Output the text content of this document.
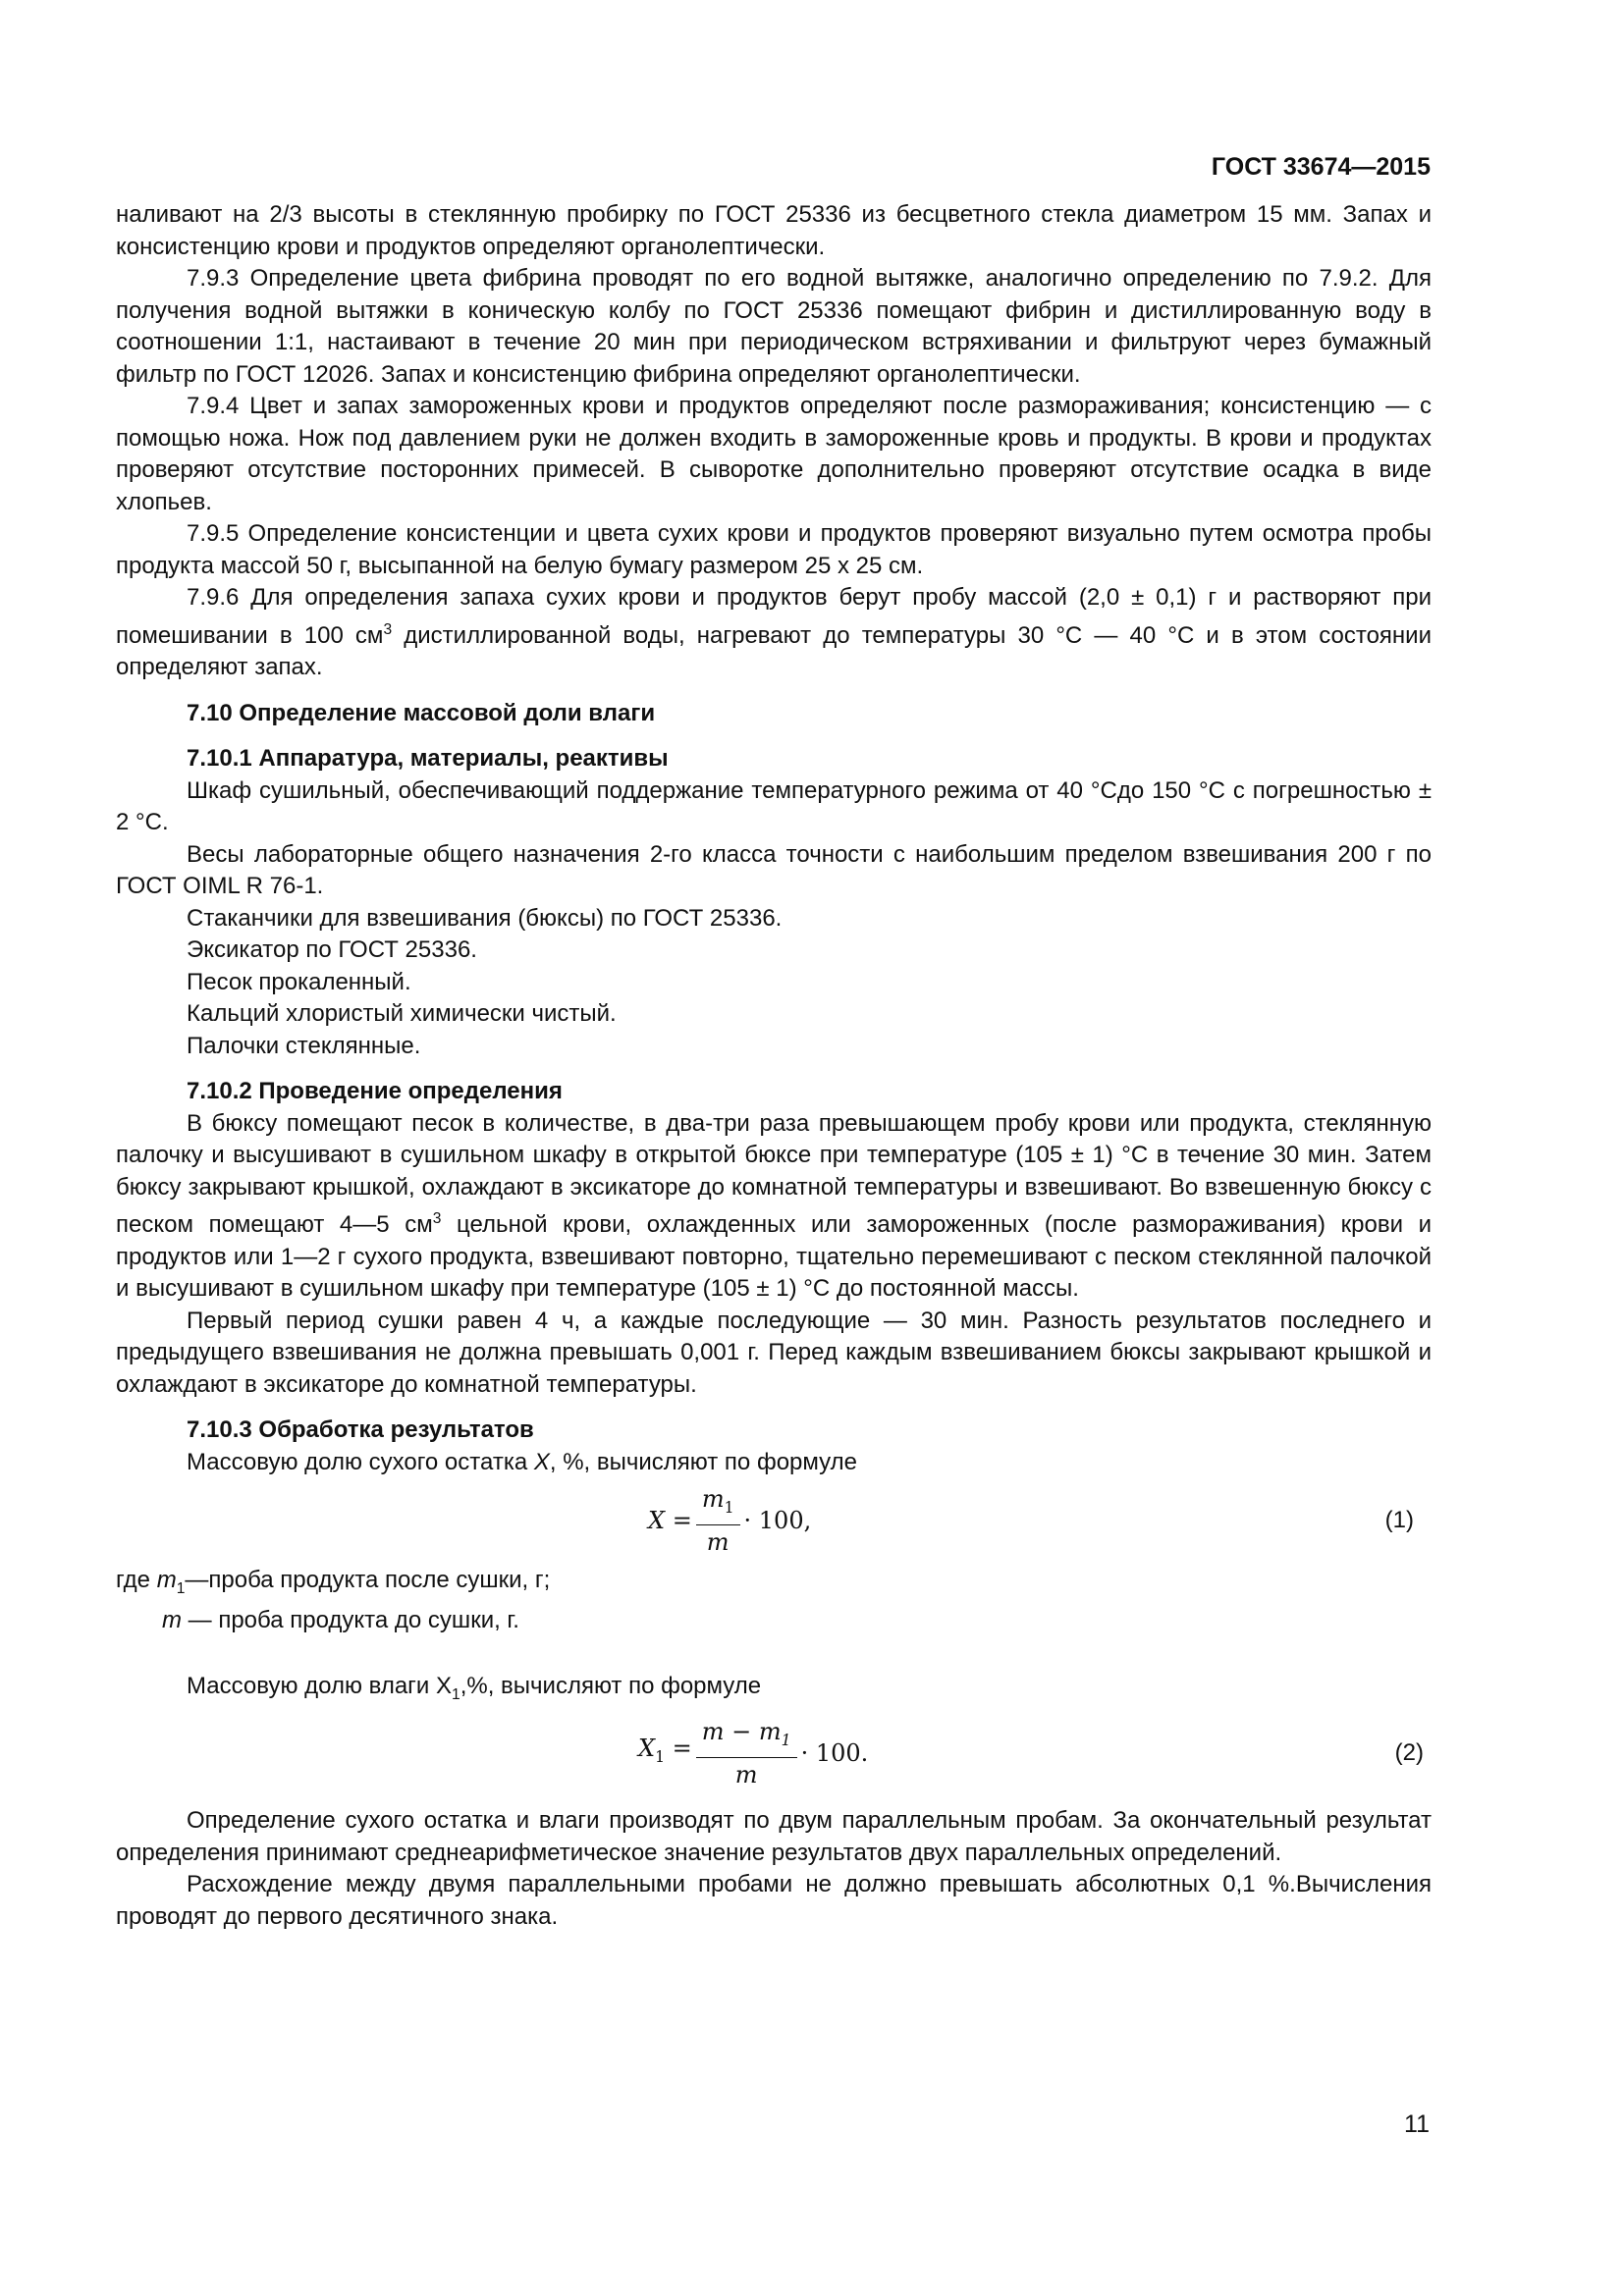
ГОСТ 33674—2015

наливают на 2/3 высоты в стеклянную пробирку по ГОСТ 25336 из бесцветного стекла диаметром 15 мм. Запах и консистенцию крови и продуктов определяют органолептически.

7.9.3 Определение цвета фибрина проводят по его водной вытяжке, аналогично определению по 7.9.2. Для получения водной вытяжки в коническую колбу по ГОСТ 25336 помещают фибрин и дистиллированную воду в соотношении 1:1, настаивают в течение 20 мин при периодическом встряхивании и фильтруют через бумажный фильтр по ГОСТ 12026. Запах и консистенцию фибрина определяют органолептически.

7.9.4 Цвет и запах замороженных крови и продуктов определяют после размораживания; консистенцию — с помощью ножа. Нож под давлением руки не должен входить в замороженные кровь и продукты. В крови и продуктах проверяют отсутствие посторонних примесей. В сыворотке дополнительно проверяют отсутствие осадка в виде хлопьев.

7.9.5 Определение консистенции и цвета сухих крови и продуктов проверяют визуально путем осмотра пробы продукта массой 50 г, высыпанной на белую бумагу размером 25 x 25 см.

7.9.6 Для определения запаха сухих крови и продуктов берут пробу массой (2,0 ± 0,1) г и растворяют при помешивании в 100 $см^3$ дистиллированной воды, нагревают до температуры 30 °С — 40 °С и в этом состоянии определяют запах.

7.10 Определение массовой доли влаги

7.10.1 Аппаратура, материалы, реактивы

Шкаф сушильный, обеспечивающий поддержание температурного режима от 40 °Сдо 150 °С с погрешностью ± 2 °С.

Весы лабораторные общего назначения 2-го класса точности с наибольшим пределом взвешивания 200 г по ГОСТ OIML R 76-1.

Стаканчики для взвешивания (бюксы) по ГОСТ 25336.

Эксикатор по ГОСТ 25336.

Песок прокаленный.

Кальций хлористый химически чистый.

Палочки стеклянные.

7.10.2 Проведение определения

В бюксу помещают песок в количестве, в два-три раза превышающем пробу крови или продукта, стеклянную палочку и высушивают в сушильном шкафу в открытой бюксе при температуре (105 ± 1) °С в течение 30 мин. Затем бюксу закрывают крышкой, охлаждают в эксикаторе до комнатной температуры и взвешивают. Во взвешенную бюксу с песком помещают 4—5 $см^3$ цельной крови, охлажденных или замороженных (после размораживания) крови и продуктов или 1—2 г сухого продукта, взвешивают повторно, тщательно перемешивают с песком стеклянной палочкой и высушивают в сушильном шкафу при температуре (105 ± 1) °С до постоянной массы.

Первый период сушки равен 4 ч, а каждые последующие — 30 мин. Разность результатов последнего и предыдущего взвешивания не должна превышать 0,001 г. Перед каждым взвешиванием бюксы закрывают крышкой и охлаждают в эксикаторе до комнатной температуры.

7.10.3 Обработка результатов

Массовую долю сухого остатка X, %, вычисляют по формуле

$X = \frac{m_1}{m} \cdot 100$,	(1)

где $m_1—проба$ продукта после сушки, г;

m — проба продукта до сушки, г.

Массовую долю влаги $X_1,\%$, вычисляют по формуле

$X_1 = \frac{m - m_1}{m} \cdot 100$.	(2)

Определение сухого остатка и влаги производят по двум параллельным пробам. За окончательный результат определения принимают среднеарифметическое значение результатов двух параллельных определений.

Расхождение между двумя параллельными пробами не должно превышать абсолютных 0,1 %.Вычисления проводят до первого десятичного знака.

11
